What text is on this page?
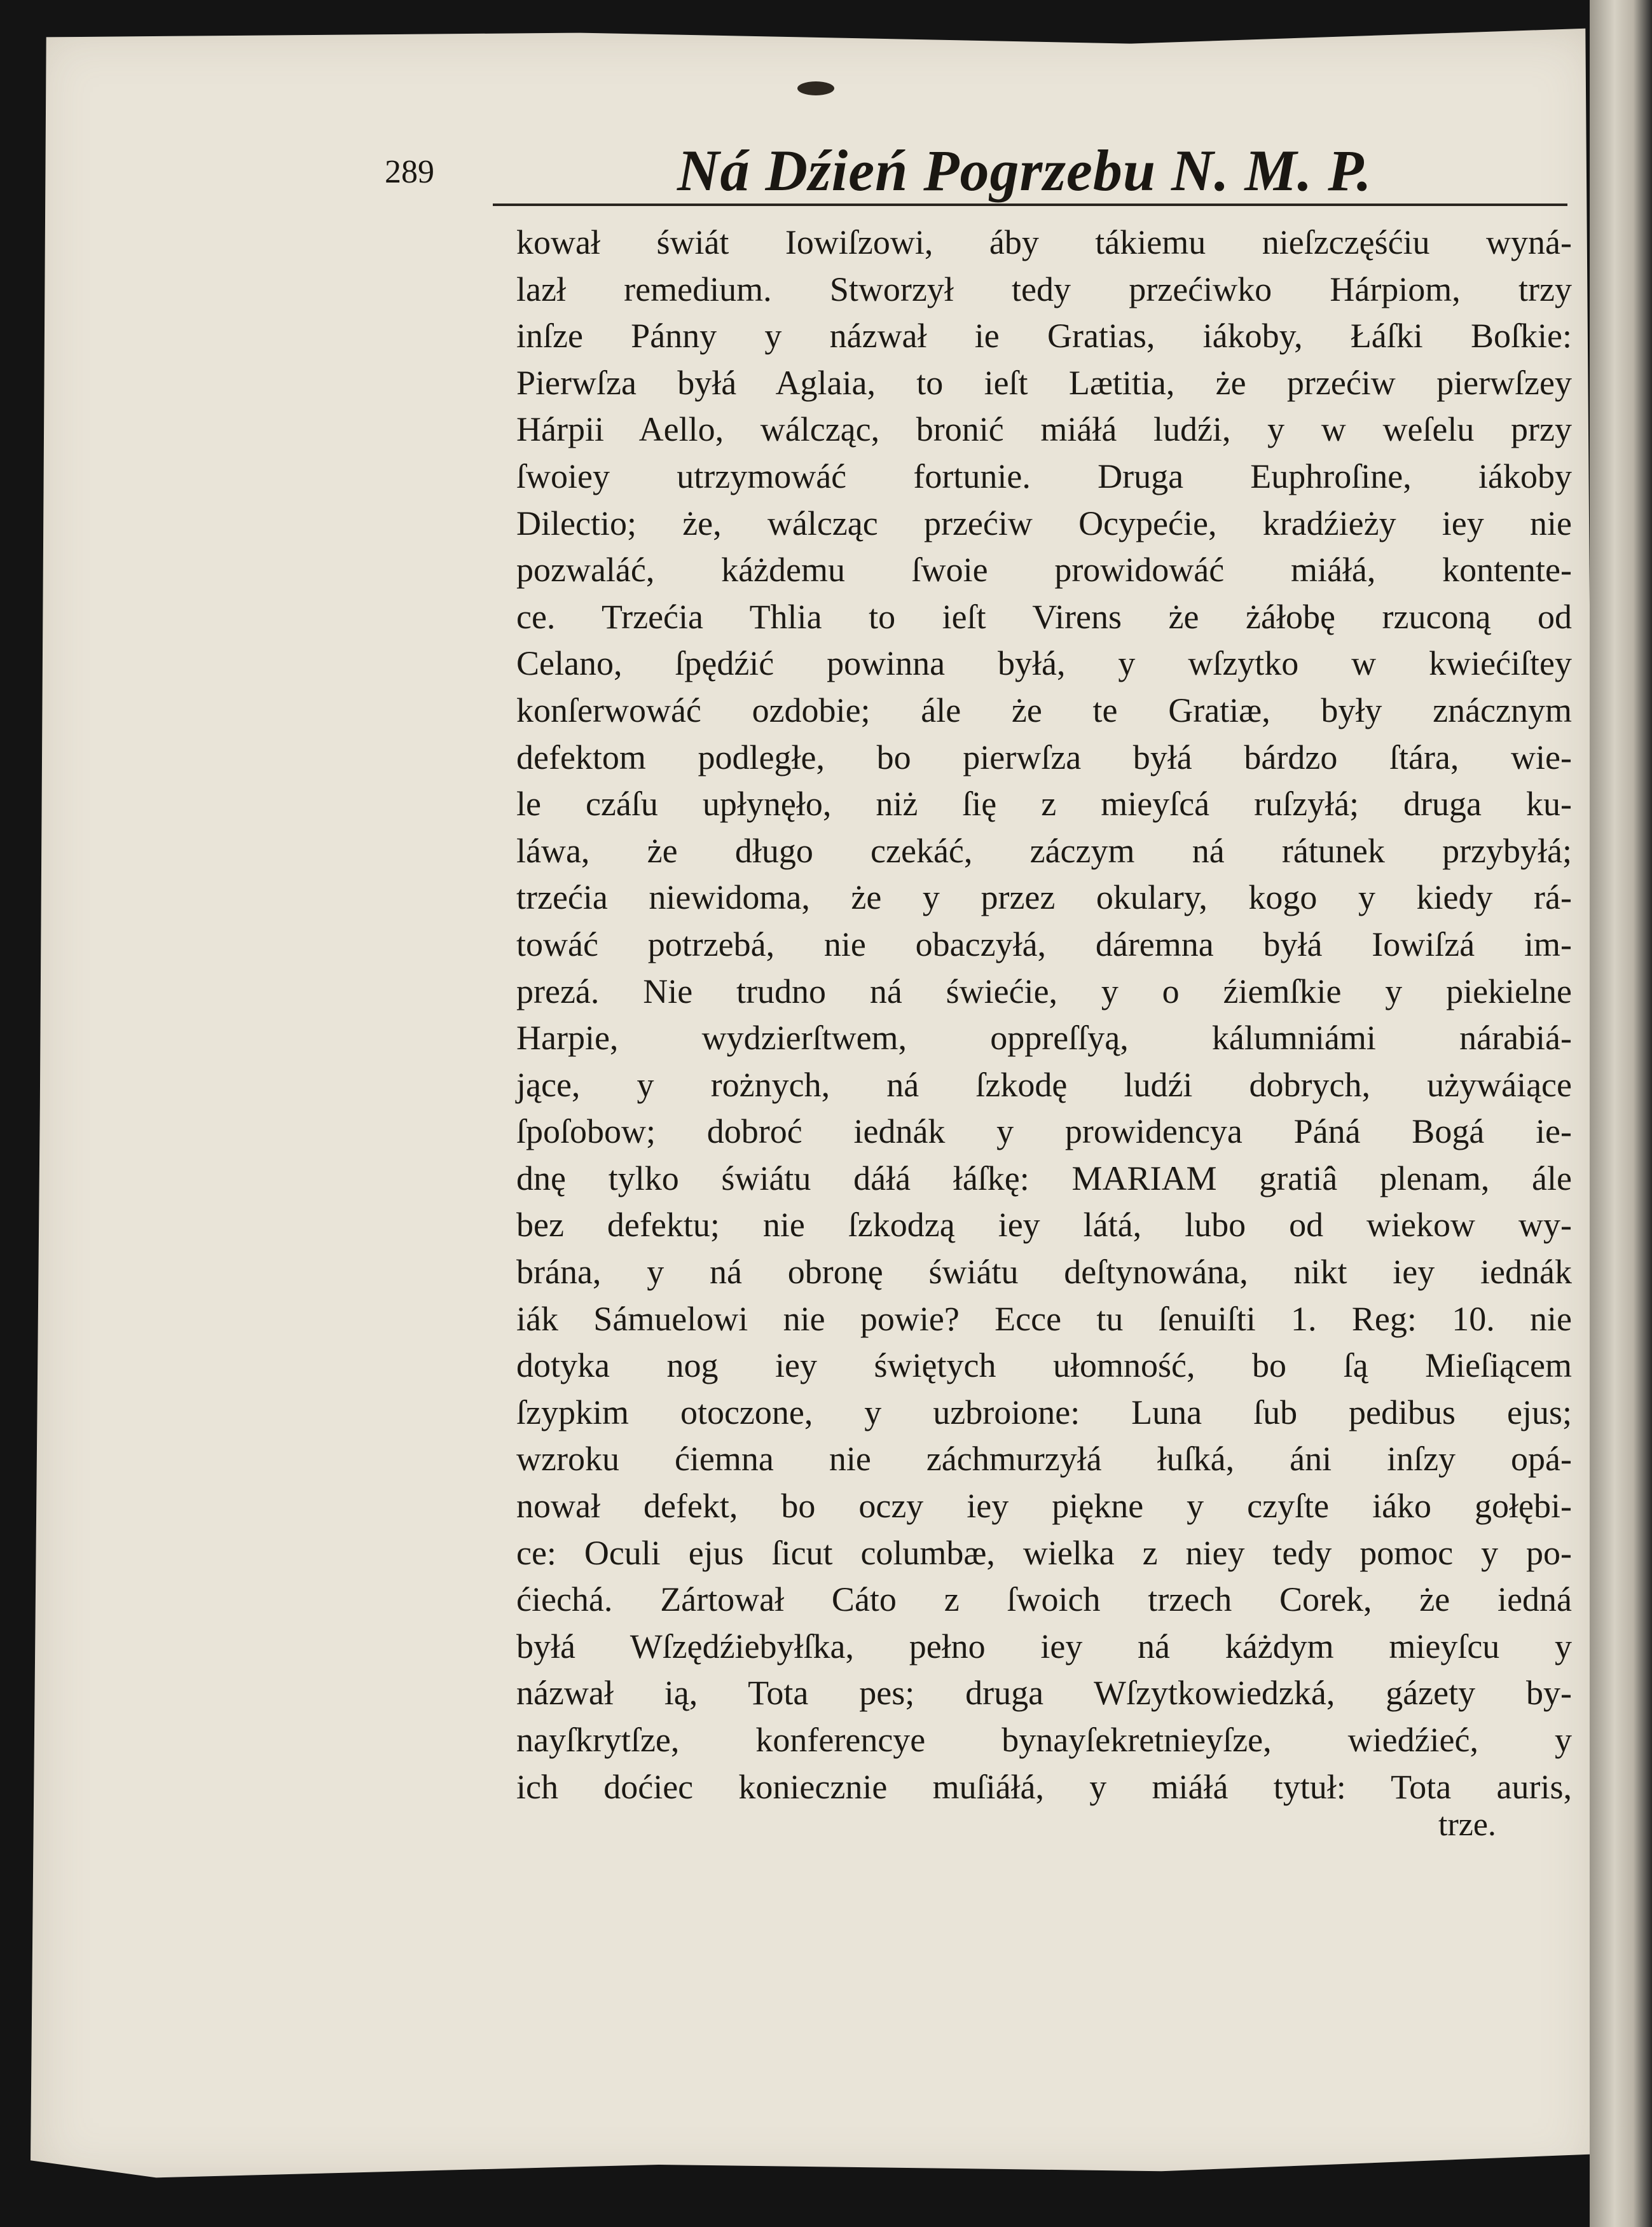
289	Ná Dźień Pogrzebu N. M. P.
kował świát Iowiſzowi, áby tákiemu nieſzczęśćiu wyná-
lazł remedium. Stworzył tedy przećiwko Hárpiom, trzy
inſze Pánny y názwał ie Gratias, iákoby, Łáſki Boſkie:
Pierwſza byłá Aglaia, to ieſt Lætitia, że przećiw pierwſzey
Hárpii Aello, wálcząc, bronić miáłá ludźi, y w weſelu przy
ſwoiey utrzymowáć fortunie. Druga Euphroſine, iákoby
Dilectio; że, wálcząc przećiw Ocypećie, kradźieży iey nie
pozwaláć, káżdemu ſwoie prowidowáć miáłá, kontente-
ce. Trzećia Thlia to ieſt Virens że żáłobę rzuconą od
Celano, ſpędźić powinna byłá, y wſzytko w kwiećiſtey
konſerwowáć ozdobie; ále że te Gratiæ, były znácznym
defektom podległe, bo pierwſza byłá bárdzo ſtára, wie-
le czáſu upłynęło, niż ſię z mieyſcá ruſzyłá; druga ku-
láwa, że długo czekáć, záczym ná rátunek przybyłá;
trzećia niewidoma, że y przez okulary, kogo y kiedy rá-
towáć potrzebá, nie obaczyłá, dáremna byłá Iowiſzá im-
prezá. Nie trudno ná świećie, y o źiemſkie y piekielne
Harpie, wydzierſtwem, oppreſſyą, kálumniámi nárabiá-
jące, y rożnych, ná ſzkodę ludźi dobrych, używáiące
ſpoſobow; dobroć iednák y prowidencya Páná Bogá ie-
dnę tylko świátu dáłá łáſkę: MARIAM gratiâ plenam, ále
bez defektu; nie ſzkodzą iey látá, lubo od wiekow wy-
brána, y ná obronę świátu deſtynowána, nikt iey iednák
iák Sámuelowi nie powie? Ecce tu ſenuiſti 1. Reg: 10. nie
dotyka nog iey świętych ułomność, bo ſą Mieſiącem
ſzypkim otoczone, y uzbroione: Luna ſub pedibus ejus;
wzroku ćiemna nie záchmurzyłá łuſká, áni inſzy opá-
nował defekt, bo oczy iey piękne y czyſte iáko gołębi-
ce: Oculi ejus ſicut columbæ, wielka z niey tedy pomoc y po-
ćiechá. Zártował Cáto z ſwoich trzech Corek, że iedná
byłá Wſzędźiebyłſka, pełno iey ná káżdym mieyſcu y
názwał ią, Tota pes; druga Wſzytkowiedzká, gázety by-
nayſkrytſze, konferencye bynayſekretnieyſze, wiedźieć, y
ich doćiec koniecznie muſiáłá, y miáłá tytuł: Tota auris,
trze.
